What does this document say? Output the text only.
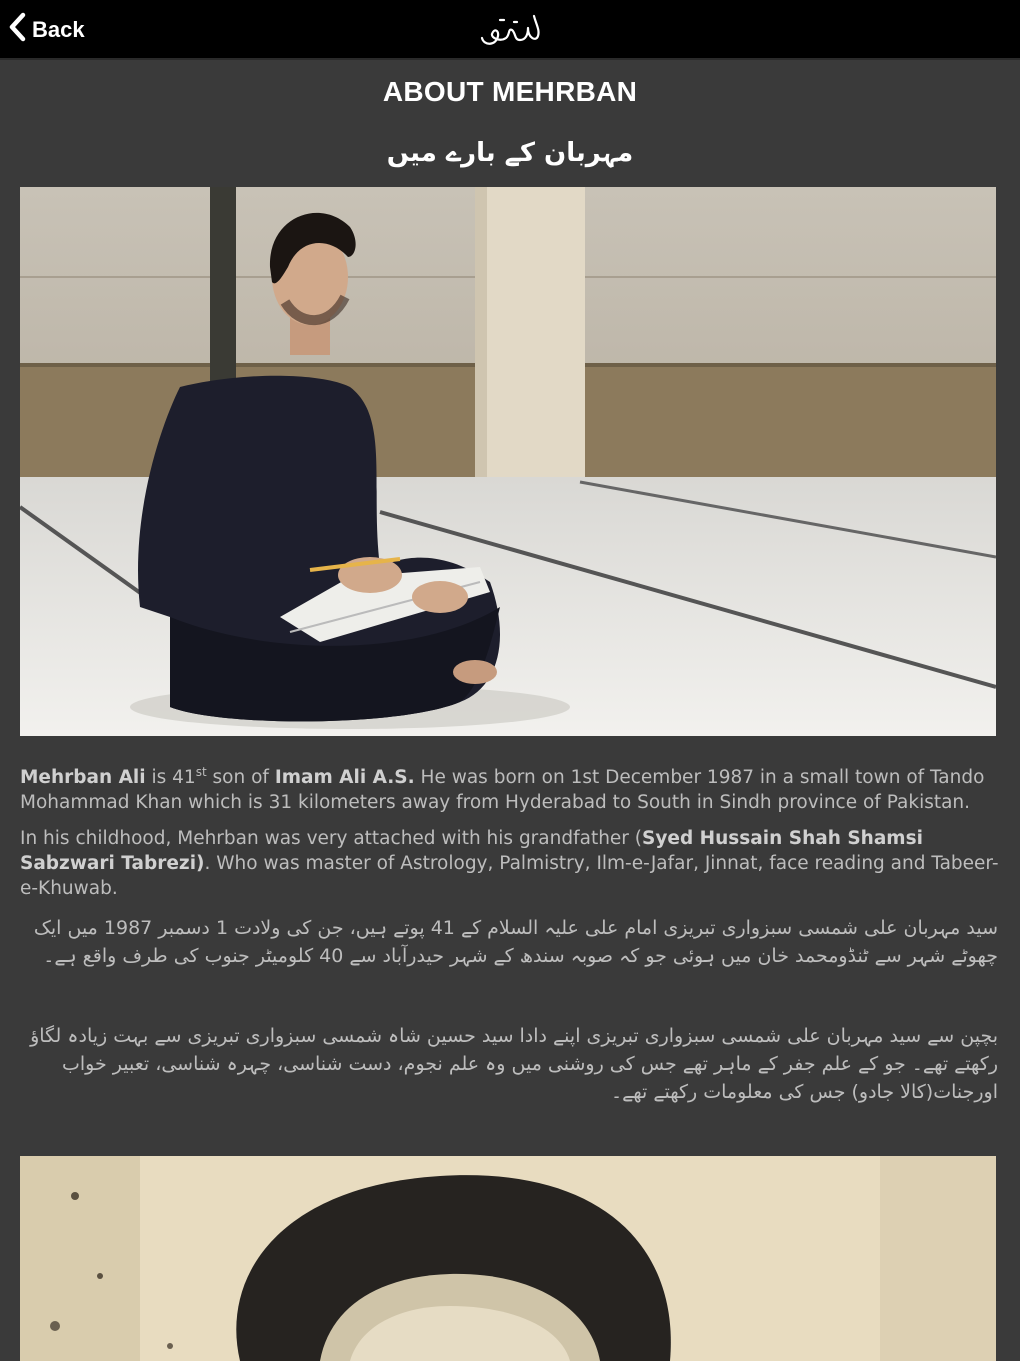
Back
ABOUT MEHRBAN
مہربان کے بارے میں

Mehrban Ali is 41st son of Imam Ali A.S. He was born on 1st December 1987 in a small town of Tando Mohammad Khan which is 31 kilometers away from Hyderabad to South in Sindh province of Pakistan.

In his childhood, Mehrban was very attached with his grandfather (Syed Hussain Shah Shamsi Sabzwari Tabrezi). Who was master of Astrology, Palmistry, Ilm-e-Jafar, Jinnat, face reading and Tabeer-e-Khuwab.

سید مہربان علی شمسی سبزواری تبریزی امام علی علیہ السلام کے 41 پوتے ہیں، جن کی ولادت 1 دسمبر 1987 میں ایک چھوٹے شہر سے ٹنڈومحمد خان میں ہوئی جو کہ صوبہ سندھ کے شہر حیدرآباد سے 40 کلومیٹر جنوب کی طرف واقع ہے۔

بچپن سے سید مہربان علی شمسی سبزواری تبریزی اپنے دادا سید حسین شاہ شمسی سبزواری تبریزی سے بہت زیادہ لگاؤ رکھتے تھے۔ جو کے علم جفر کے ماہر تھے جس کی روشنی میں وہ علم نجوم، دست شناسی، چہرہ شناسی، تعبیر خواب اورجنات(کالا جادو) جس کی معلومات رکھتے تھے۔
